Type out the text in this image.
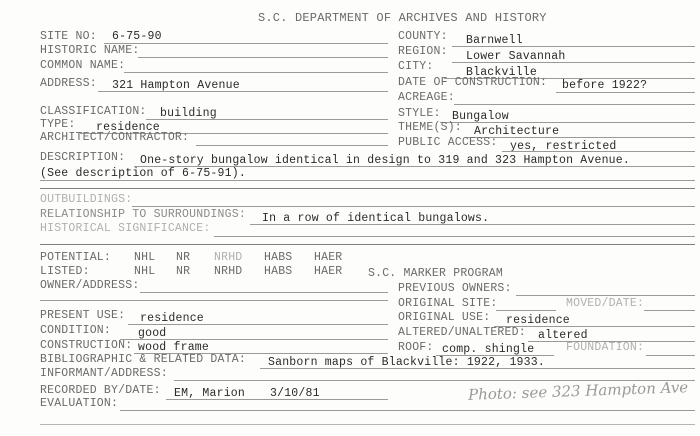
S.C. DEPARTMENT OF ARCHIVES AND HISTORY
SITE NO: 6-75-90
HISTORIC NAME:
COMMON NAME:
ADDRESS: 321 Hampton Avenue
COUNTY: Barnwell
REGION: Lower Savannah
CITY:	Blackville
DATE OF CONSTRUCTION: before 1922?
ACREAGE:
CLASSIFICATION: building
TYPE: residence
ARCHITECT/CONTRACTOR:
STYLE: Bungalow
THEME(S): Architecture
PUBLIC ACCESS: yes, restricted
DESCRIPTION: One-story bungalow identical in design to 319 and 323 Hampton Avenue.
(See description of 6-75-91).
OUTBUILDINGS:
RELATIONSHIP TO SURROUNDINGS: In a row of identical bungalows.
HISTORICAL SIGNIFICANCE:
POTENTIAL: NHL NR NRHD HABS HAER
LISTED:	NHL NR NRHD HABS HAER S.C. MARKER PROGRAM
OWNER/ADDRESS:	PREVIOUS OWNERS:
ORIGINAL SITE:	MOVED/DATE:
PRESENT USE: residence	ORIGINAL USE: residence
CONDITION: good	ALTERED/UNALTERED: altered
CONSTRUCTION: wood frame	ROOF: comp. shingle	FOUNDATION:
BIBLIOGRAPHIC & RELATED DATA: Sanborn maps of Blackville: 1922, 1933.
INFORMANT/ADDRESS:
RECORDED BY/DATE: EM, Marion 3/10/81	Photo: see 323 Hampton Ave
EVALUATION:
